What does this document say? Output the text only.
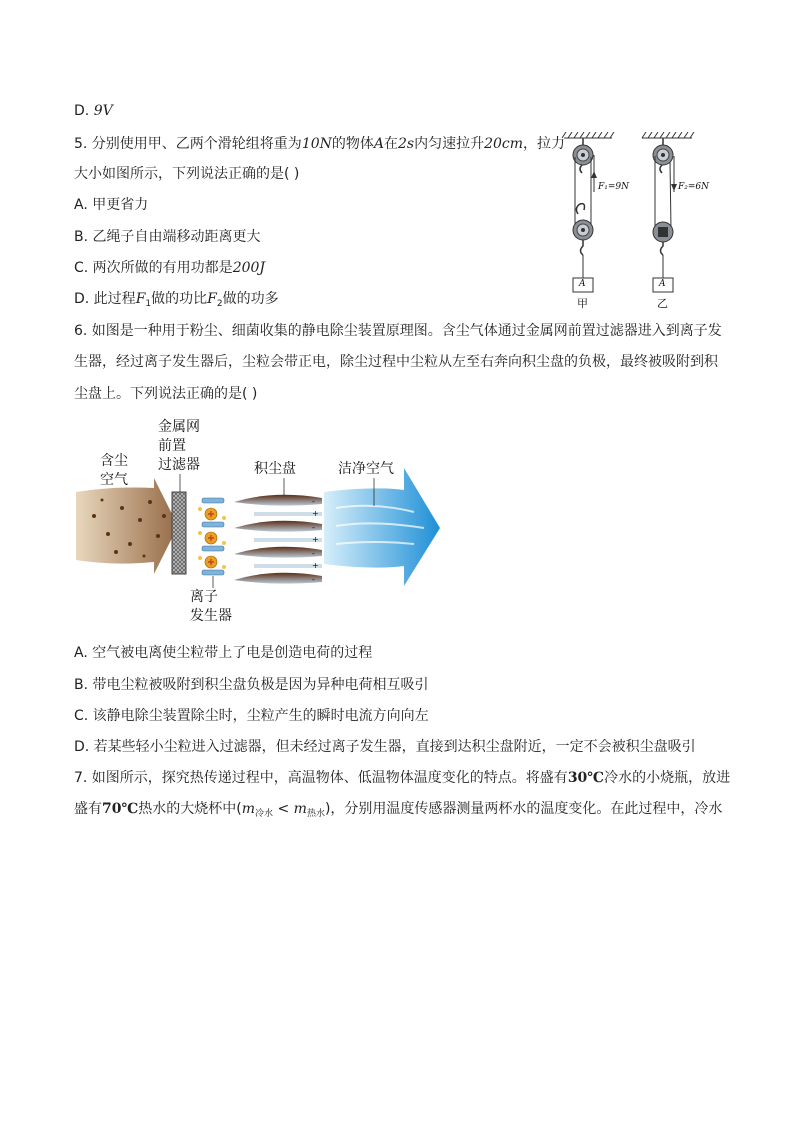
D. 9V
5. 分别使用甲、乙两个滑轮组将重为10N的物体A在2s内匀速拉升20cm，拉力
大小如图所示，下列说法正确的是( )
A. 甲更省力
B. 乙绳子自由端移动距离更大
C. 两次所做的有用功都是200J
D. 此过程$F_1$做的功比$F_2$做的功多
F₁=9N	F₂=6N
A	A
甲	乙
6. 如图是一种用于粉尘、细菌收集的静电除尘装置原理图。含尘气体通过金属网前置过滤器进入到离子发
生器，经过离子发生器后，尘粒会带正电，除尘过程中尘粒从左至右奔向积尘盘的负极，最终被吸附到积
尘盘上。下列说法正确的是( )
-
+
-
+
-
+
-
含尘
空气
金属网
前置
过滤器	积尘盘	洁净空气
离子
发生器
A. 空气被电离使尘粒带上了电是创造电荷的过程
B. 带电尘粒被吸附到积尘盘负极是因为异种电荷相互吸引
C. 该静电除尘装置除尘时，尘粒产生的瞬时电流方向向左
D. 若某些轻小尘粒进入过滤器，但未经过离子发生器，直接到达积尘盘附近，一定不会被积尘盘吸引
7. 如图所示，探究热传递过程中，高温物体、低温物体温度变化的特点。将盛有30℃冷水的小烧瓶，放进
盛有70℃热水的大烧杯中$(m_{冷水} < m_{热水})$，分别用温度传感器测量两杯水的温度变化。在此过程中，冷水
